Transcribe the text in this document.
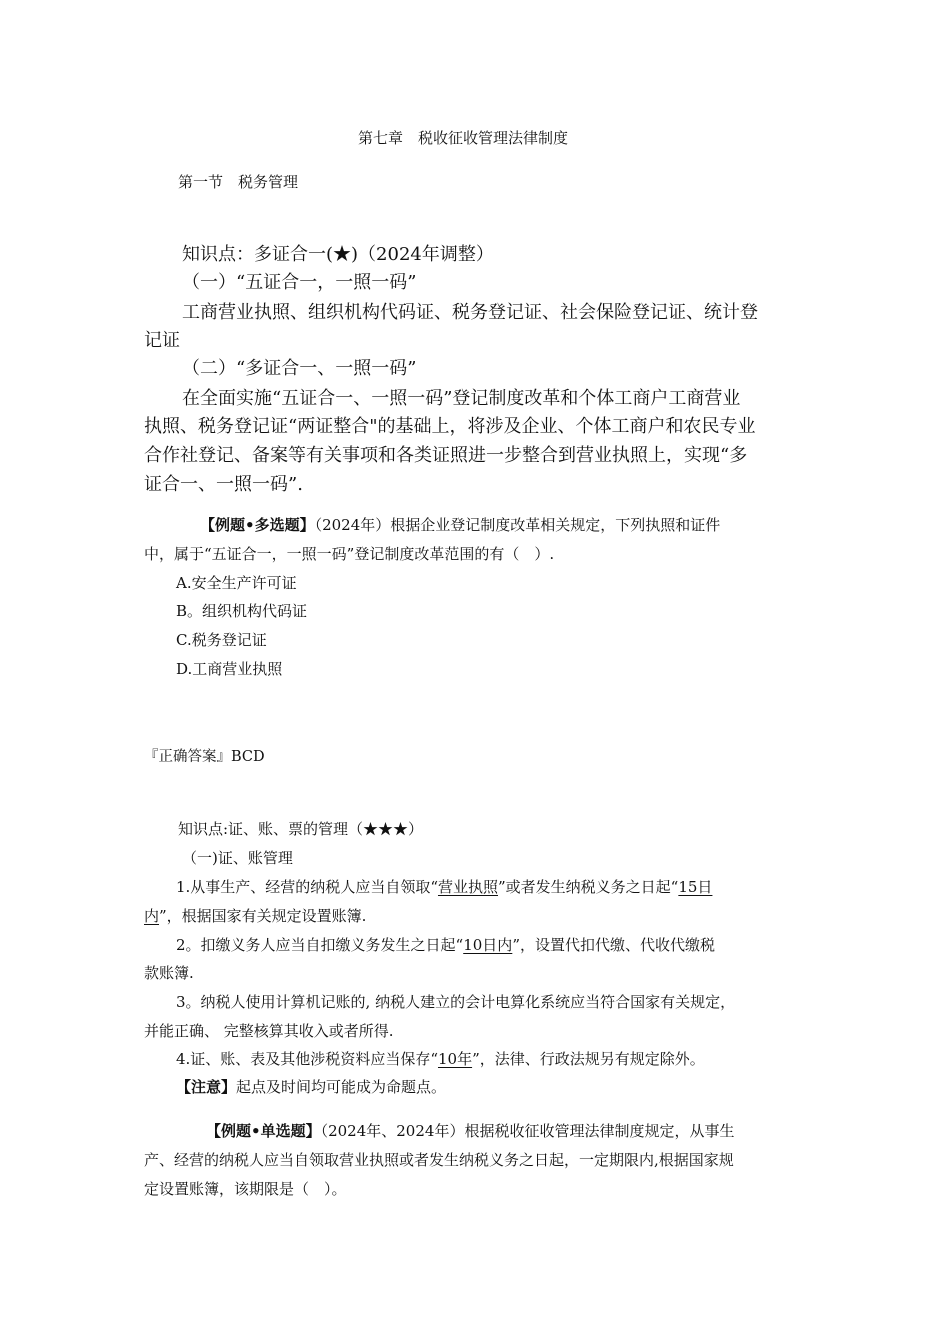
第七章　税收征收管理法律制度
第一节　税务管理
知识点：多证合一(★)（2024年调整）
（一）“五证合一，一照一码”
工商营业执照、组织机构代码证、税务登记证、社会保险登记证、统计登
记证
（二）“多证合一、一照一码”
在全面实施“五证合一、一照一码”登记制度改革和个体工商户工商营业
执照、税务登记证“两证整合"的基础上，将涉及企业、个体工商户和农民专业
合作社登记、备案等有关事项和各类证照进一步整合到营业执照上，实现“多
证合一、一照一码”.
【例题•多选题】（2024年）根据企业登记制度改革相关规定，下列执照和证件
中，属于“五证合一，一照一码”登记制度改革范围的有（　）.
A.安全生产许可证
B。组织机构代码证
C.税务登记证
D.工商营业执照
『正确答案』BCD
知识点:证、账、票的管理（★★★）
（一)证、账管理
1.从事生产、经营的纳税人应当自领取“营业执照”或者发生纳税义务之日起“15日
内”，根据国家有关规定设置账簿.
2。扣缴义务人应当自扣缴义务发生之日起“10日内”，设置代扣代缴、代收代缴税
款账簿.
3。纳税人使用计算机记账的, 纳税人建立的会计电算化系统应当符合国家有关规定，
并能正确、 完整核算其收入或者所得.
4.证、账、表及其他涉税资料应当保存“10年”，法律、行政法规另有规定除外。
【注意】起点及时间均可能成为命题点。
【例题•单选题】（2024年、2024年）根据税收征收管理法律制度规定，从事生
产、经营的纳税人应当自领取营业执照或者发生纳税义务之日起，一定期限内,根据国家规
定设置账簿，该期限是（　）。
